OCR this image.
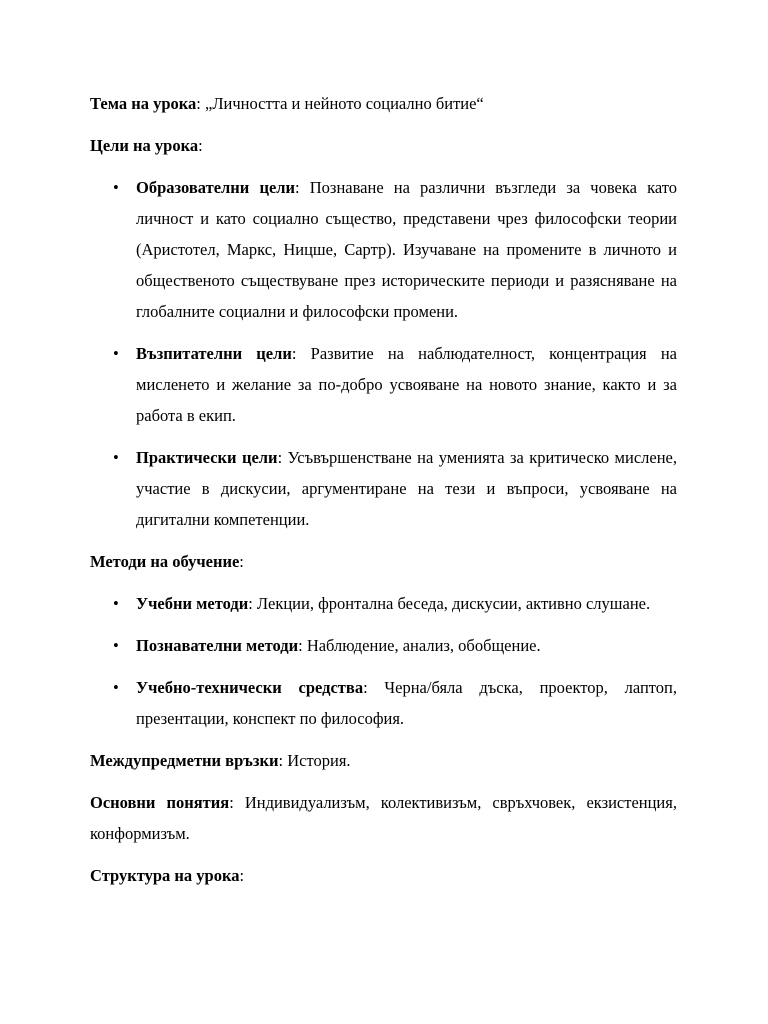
Тема на урока: „Личността и нейното социално битие“

Цели на урока:

• Образователни цели: Познаване на различни възгледи за човека като личност и като социално същество, представени чрез философски теории (Аристотел, Маркс, Ницше, Сартр). Изучаване на промените в личното и общественото съществуване през историческите периоди и разясняване на глобалните социални и философски промени.
• Възпитателни цели: Развитие на наблюдателност, концентрация на мисленето и желание за по-добро усвояване на новото знание, както и за работа в екип.
• Практически цели: Усъвършенстване на уменията за критическо мислене, участие в дискусии, аргументиране на тези и въпроси, усвояване на дигитални компетенции.

Методи на обучение:

• Учебни методи: Лекции, фронтална беседа, дискусии, активно слушане.
• Познавателни методи: Наблюдение, анализ, обобщение.
• Учебно-технически средства: Черна/бяла дъска, проектор, лаптоп, презентации, конспект по философия.

Междупредметни връзки: История.

Основни понятия: Индивидуализъм, колективизъм, свръхчовек, екзистенция, конформизъм.

Структура на урока:
